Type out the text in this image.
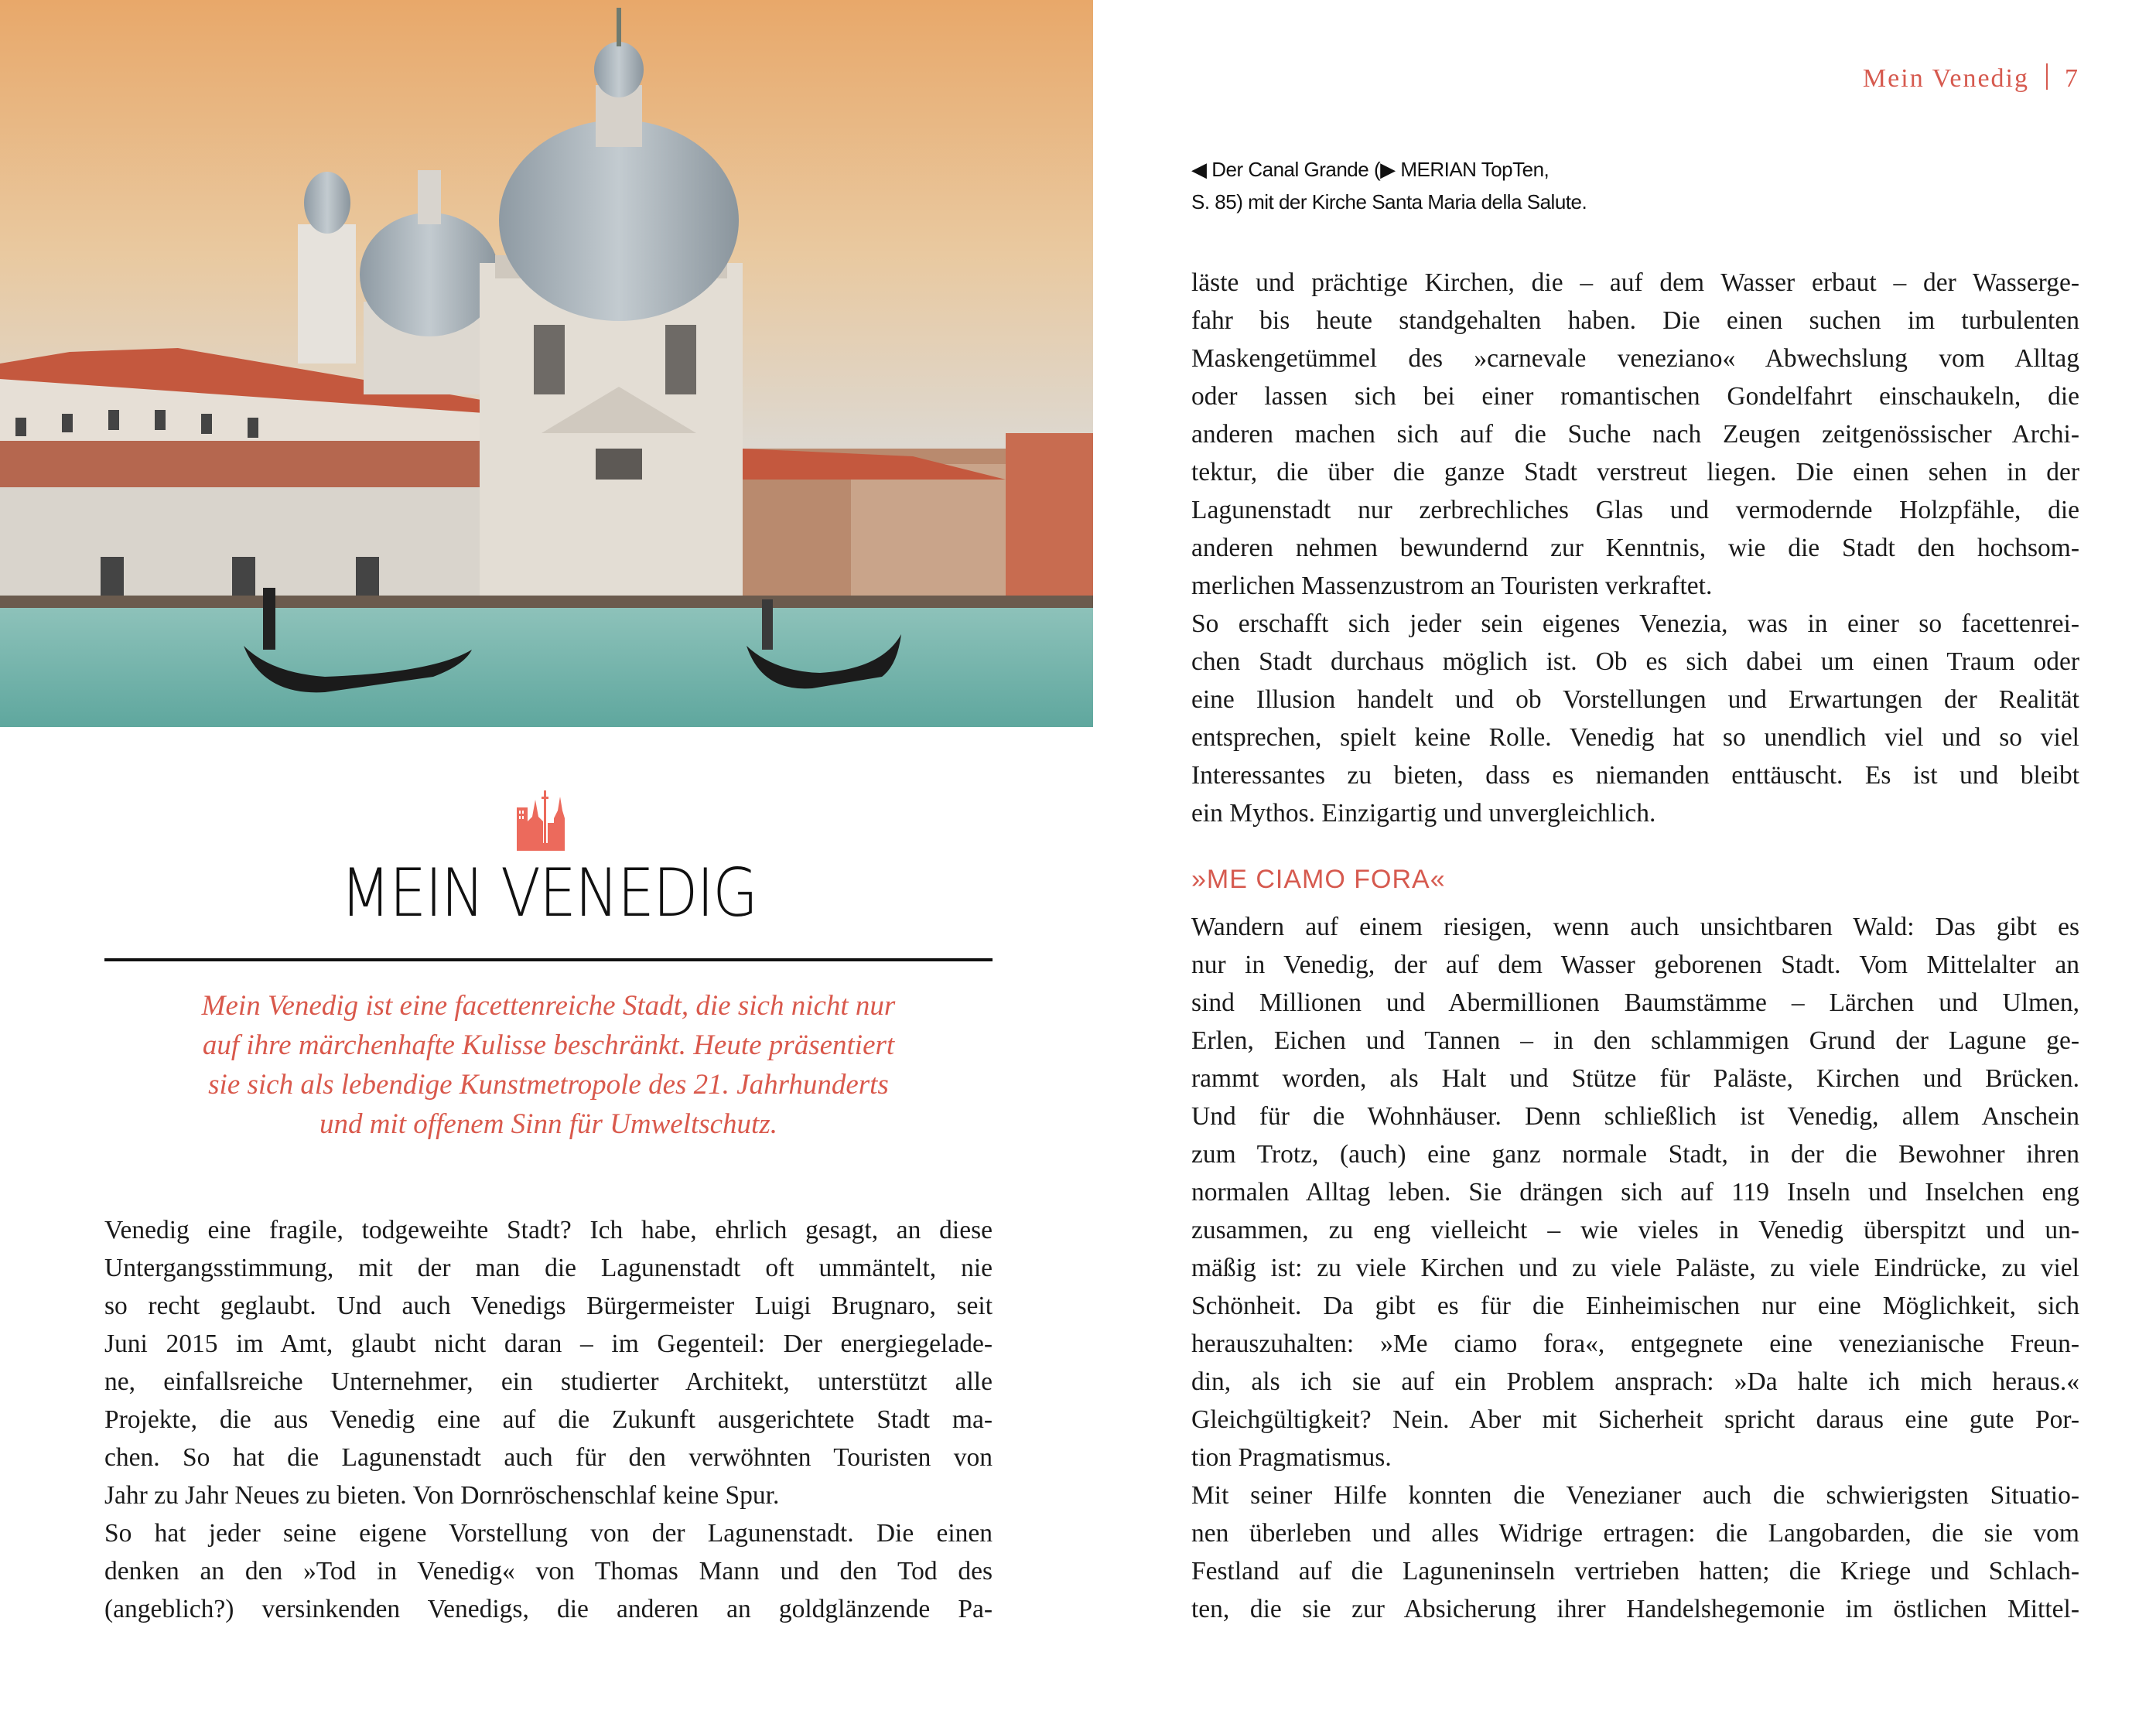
Mein Venedig 7
◀ Der Canal Grande (▶ MERIAN TopTen,
S. 85) mit der Kirche Santa Maria della Salute.
MEIN VENEDIG
Mein Venedig ist eine facettenreiche Stadt, die sich nicht nur
auf ihre märchenhafte Kulisse beschränkt. Heute präsentiert
sie sich als lebendige Kunstmetropole des 21. Jahrhunderts
und mit offenem Sinn für Umweltschutz.
Venedig eine fragile, todgeweihte Stadt? Ich habe, ehrlich gesagt, an diese
Untergangsstimmung, mit der man die Lagunenstadt oft ummäntelt, nie
so recht geglaubt. Und auch Venedigs Bürgermeister Luigi Brugnaro, seit
Juni 2015 im Amt, glaubt nicht daran – im Gegenteil: Der energiegelade-
ne, einfallsreiche Unternehmer, ein studierter Architekt, unterstützt alle
Projekte, die aus Venedig eine auf die Zukunft ausgerichtete Stadt ma-
chen. So hat die Lagunenstadt auch für den verwöhnten Touristen von
Jahr zu Jahr Neues zu bieten. Von Dornröschenschlaf keine Spur.
So hat jeder seine eigene Vorstellung von der Lagunenstadt. Die einen
denken an den »Tod in Venedig« von Thomas Mann und den Tod des
(angeblich?) versinkenden Venedigs, die anderen an goldglänzende Pa-
läste und prächtige Kirchen, die – auf dem Wasser erbaut – der Wasserge-
fahr bis heute standgehalten haben. Die einen suchen im turbulenten
Maskengetümmel des »carnevale veneziano« Abwechslung vom Alltag
oder lassen sich bei einer romantischen Gondelfahrt einschaukeln, die
anderen machen sich auf die Suche nach Zeugen zeitgenössischer Archi-
tektur, die über die ganze Stadt verstreut liegen. Die einen sehen in der
Lagunenstadt nur zerbrechliches Glas und vermodernde Holzpfähle, die
anderen nehmen bewundernd zur Kenntnis, wie die Stadt den hochsom-
merlichen Massenzustrom an Touristen verkraftet.
So erschafft sich jeder sein eigenes Venezia, was in einer so facettenrei-
chen Stadt durchaus möglich ist. Ob es sich dabei um einen Traum oder
eine Illusion handelt und ob Vorstellungen und Erwartungen der Realität
entsprechen, spielt keine Rolle. Venedig hat so unendlich viel und so viel
Interessantes zu bieten, dass es niemanden enttäuscht. Es ist und bleibt
ein Mythos. Einzigartig und unvergleichlich.
»ME CIAMO FORA«
Wandern auf einem riesigen, wenn auch unsichtbaren Wald: Das gibt es
nur in Venedig, der auf dem Wasser geborenen Stadt. Vom Mittelalter an
sind Millionen und Abermillionen Baumstämme – Lärchen und Ulmen,
Erlen, Eichen und Tannen – in den schlammigen Grund der Lagune ge-
rammt worden, als Halt und Stütze für Paläste, Kirchen und Brücken.
Und für die Wohnhäuser. Denn schließlich ist Venedig, allem Anschein
zum Trotz, (auch) eine ganz normale Stadt, in der die Bewohner ihren
normalen Alltag leben. Sie drängen sich auf 119 Inseln und Inselchen eng
zusammen, zu eng vielleicht – wie vieles in Venedig überspitzt und un-
mäßig ist: zu viele Kirchen und zu viele Paläste, zu viele Eindrücke, zu viel
Schönheit. Da gibt es für die Einheimischen nur eine Möglichkeit, sich
herauszuhalten: »Me ciamo fora«, entgegnete eine venezianische Freun-
din, als ich sie auf ein Problem ansprach: »Da halte ich mich heraus.«
Gleichgültigkeit? Nein. Aber mit Sicherheit spricht daraus eine gute Por-
tion Pragmatismus.
Mit seiner Hilfe konnten die Venezianer auch die schwierigsten Situatio-
nen überleben und alles Widrige ertragen: die Langobarden, die sie vom
Festland auf die Laguneninseln vertrieben hatten; die Kriege und Schlach-
ten, die sie zur Absicherung ihrer Handelshegemonie im östlichen Mittel-
